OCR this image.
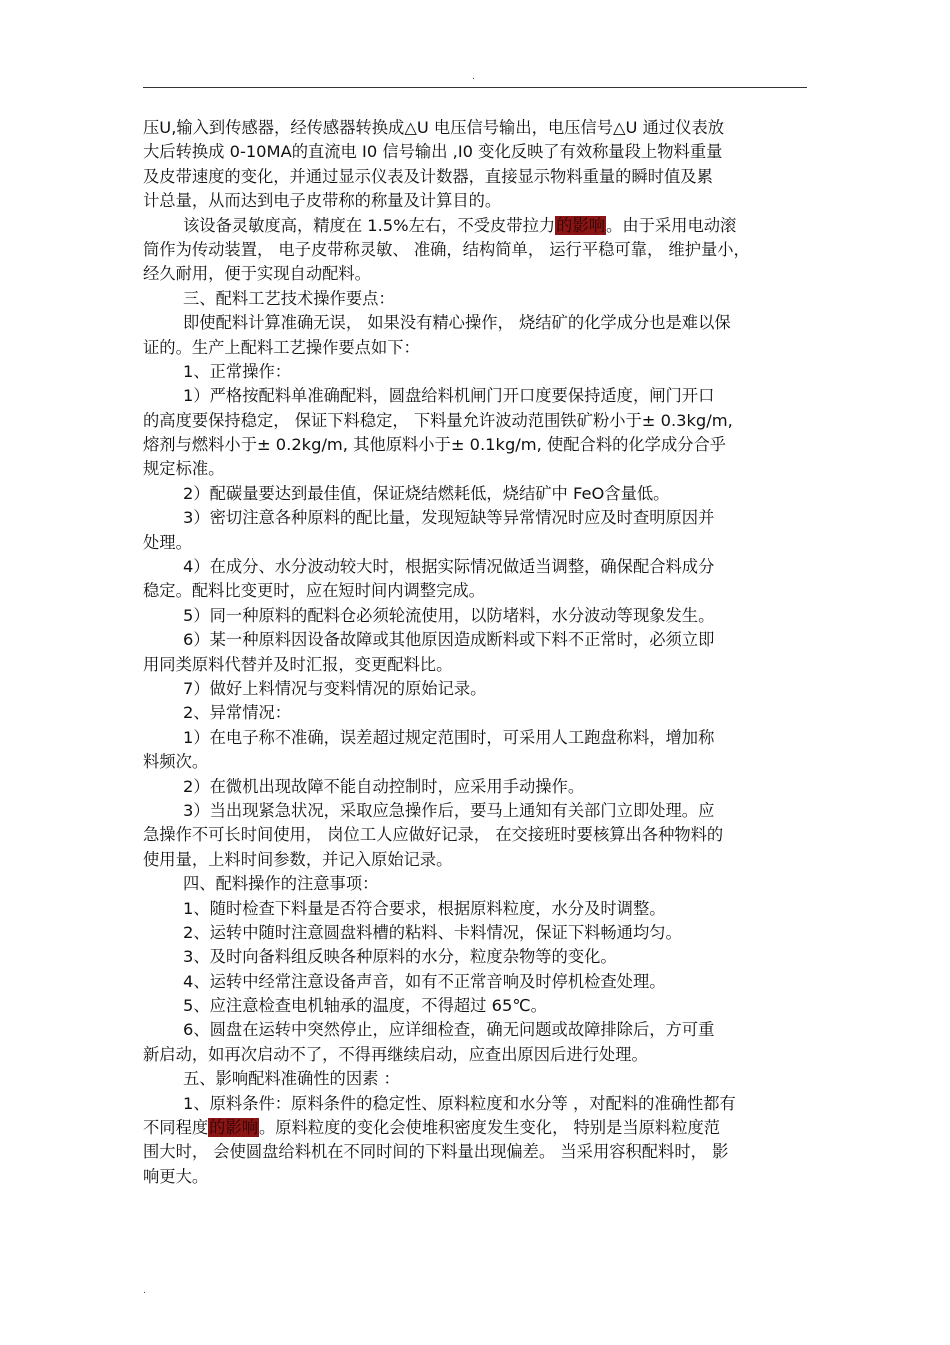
.
压U,输入到传感器，经传感器转换成△U 电压信号输出，电压信号△U 通过仪表放
大后转换成 0-10MA的直流电 I0 信号输出 ,I0 变化反映了有效称量段上物料重量
及皮带速度的变化，并通过显示仪表及计数器，直接显示物料重量的瞬时值及累
计总量，从而达到电子皮带称的称量及计算目的。
该设备灵敏度高，精度在 1.5%左右，不受皮带拉力的影响。由于采用电动滚
筒作为传动装置， 电子皮带称灵敏、 准确，结构简单， 运行平稳可靠， 维护量小，
经久耐用，便于实现自动配料。
三、配料工艺技术操作要点：
即使配料计算准确无误， 如果没有精心操作， 烧结矿的化学成分也是难以保
证的。生产上配料工艺操作要点如下：
1、正常操作：
1）严格按配料单准确配料，圆盘给料机闸门开口度要保持适度，闸门开口
的高度要保持稳定， 保证下料稳定， 下料量允许波动范围铁矿粉小于± 0.3kg/m,
熔剂与燃料小于± 0.2kg/m, 其他原料小于± 0.1kg/m, 使配合料的化学成分合乎
规定标准。
2）配碳量要达到最佳值，保证烧结燃耗低，烧结矿中 FeO含量低。
3）密切注意各种原料的配比量，发现短缺等异常情况时应及时查明原因并
处理。
4）在成分、水分波动较大时，根据实际情况做适当调整，确保配合料成分
稳定。配料比变更时，应在短时间内调整完成。
5）同一种原料的配料仓必须轮流使用，以防堵料，水分波动等现象发生。
6）某一种原料因设备故障或其他原因造成断料或下料不正常时，必须立即
用同类原料代替并及时汇报，变更配料比。
7）做好上料情况与变料情况的原始记录。
2、异常情况：
1）在电子称不准确，误差超过规定范围时，可采用人工跑盘称料，增加称
料频次。
2）在微机出现故障不能自动控制时，应采用手动操作。
3）当出现紧急状况，采取应急操作后，要马上通知有关部门立即处理。应
急操作不可长时间使用， 岗位工人应做好记录， 在交接班时要核算出各种物料的
使用量，上料时间参数，并记入原始记录。
四、配料操作的注意事项：
1、随时检查下料量是否符合要求，根据原料粒度，水分及时调整。
2、运转中随时注意圆盘料槽的粘料、卡料情况，保证下料畅通均匀。
3、及时向备料组反映各种原料的水分，粒度杂物等的变化。
4、运转中经常注意设备声音，如有不正常音响及时停机检查处理。
5、应注意检查电机轴承的温度，不得超过 65℃。
6、圆盘在运转中突然停止，应详细检查，确无问题或故障排除后，方可重
新启动，如再次启动不了，不得再继续启动，应查出原因后进行处理。
五、影响配料准确性的因素 ：
1、原料条件：原料条件的稳定性、原料粒度和水分等 ，对配料的准确性都有
不同程度的影响。原料粒度的变化会使堆积密度发生变化， 特别是当原料粒度范
围大时， 会使圆盘给料机在不同时间的下料量出现偏差。 当采用容积配料时， 影
响更大。
.
